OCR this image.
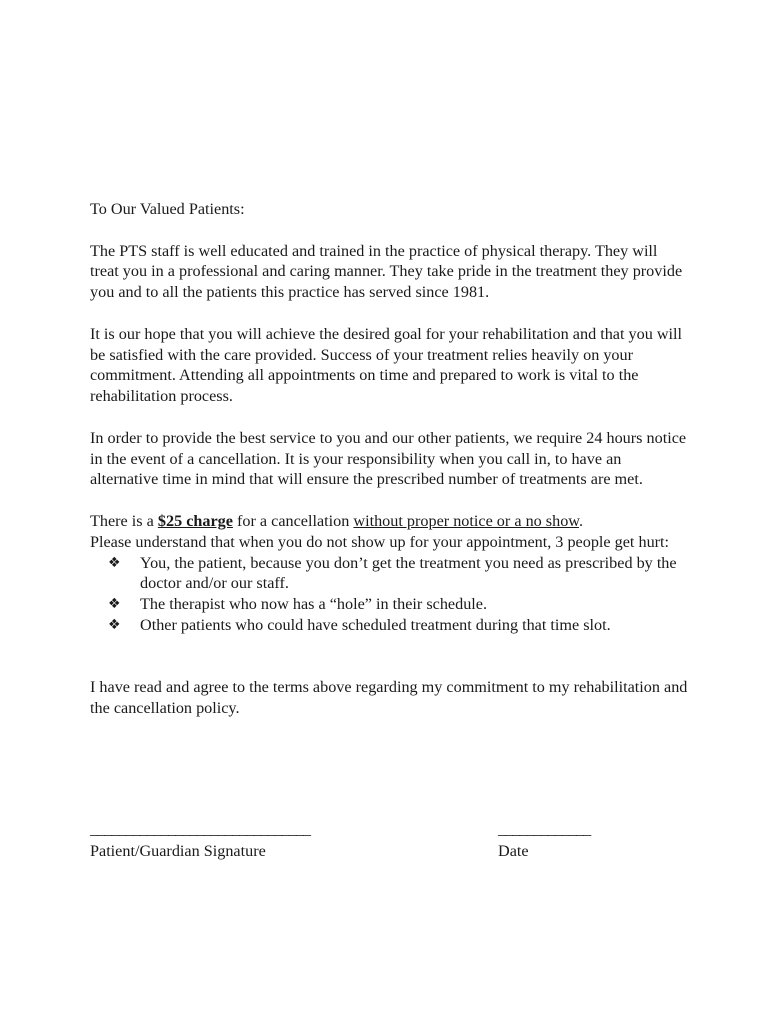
To Our Valued Patients:

The PTS staff is well educated and trained in the practice of physical therapy. They will treat you in a professional and caring manner. They take pride in the treatment they provide you and to all the patients this practice has served since 1981.

It is our hope that you will achieve the desired goal for your rehabilitation and that you will be satisfied with the care provided. Success of your treatment relies heavily on your commitment. Attending all appointments on time and prepared to work is vital to the rehabilitation process.

In order to provide the best service to you and our other patients, we require 24 hours notice in the event of a cancellation. It is your responsibility when you call in, to have an alternative time in mind that will ensure the prescribed number of treatments are met.

There is a $25 charge for a cancellation without proper notice or a no show.

Please understand that when you do not show up for your appointment, 3 people get hurt:

❖ You, the patient, because you don’t get the treatment you need as prescribed by the doctor and/or our staff.
❖ The therapist who now has a “hole” in their schedule.
❖ Other patients who could have scheduled treatment during that time slot.

I have read and agree to the terms above regarding my commitment to my rehabilitation and the cancellation policy.

_______________________________	_____________
Patient/Guardian Signature	Date
